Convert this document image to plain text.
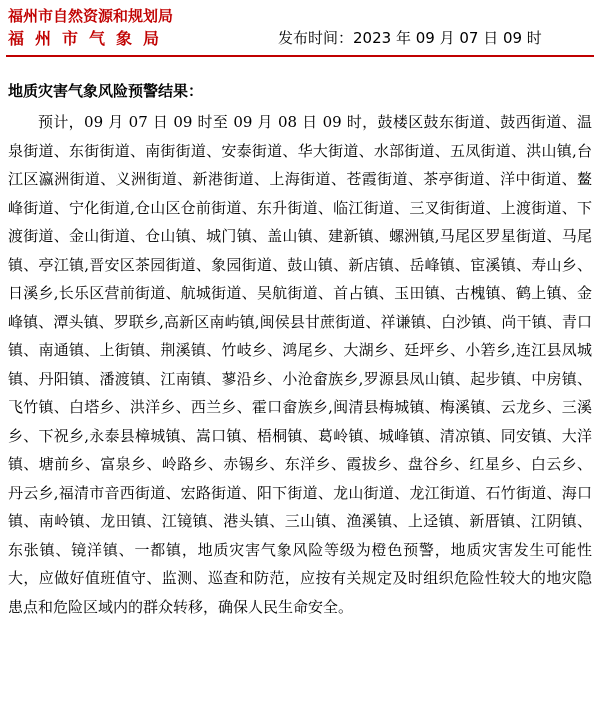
福州市自然资源和规划局
福州市气象局	发布时间：2023 年 09 月 07 日 09 时
地质灾害气象风险预警结果：

预计，09 月 07 日 09 时至 09 月 08 日 09 时，鼓楼区鼓东街道、鼓西街道、温泉街道、东街街道、南街街道、安泰街道、华大街道、水部街道、五凤街道、洪山镇,台江区瀛洲街道、义洲街道、新港街道、上海街道、苍霞街道、茶亭街道、洋中街道、鳌峰街道、宁化街道,仓山区仓前街道、东升街道、临江街道、三叉街街道、上渡街道、下渡街道、金山街道、仓山镇、城门镇、盖山镇、建新镇、螺洲镇,马尾区罗星街道、马尾镇、亭江镇,晋安区茶园街道、象园街道、鼓山镇、新店镇、岳峰镇、宦溪镇、寿山乡、日溪乡,长乐区营前街道、航城街道、吴航街道、首占镇、玉田镇、古槐镇、鹤上镇、金峰镇、潭头镇、罗联乡,高新区南屿镇,闽侯县甘蔗街道、祥谦镇、白沙镇、尚干镇、青口镇、南通镇、上街镇、荆溪镇、竹岐乡、鸿尾乡、大湖乡、廷坪乡、小箬乡,连江县凤城镇、丹阳镇、潘渡镇、江南镇、蓼沿乡、小沧畲族乡,罗源县凤山镇、起步镇、中房镇、飞竹镇、白塔乡、洪洋乡、西兰乡、霍口畲族乡,闽清县梅城镇、梅溪镇、云龙乡、三溪乡、下祝乡,永泰县樟城镇、嵩口镇、梧桐镇、葛岭镇、城峰镇、清凉镇、同安镇、大洋镇、塘前乡、富泉乡、岭路乡、赤锡乡、东洋乡、霞拔乡、盘谷乡、红星乡、白云乡、丹云乡,福清市音西街道、宏路街道、阳下街道、龙山街道、龙江街道、石竹街道、海口镇、南岭镇、龙田镇、江镜镇、港头镇、三山镇、渔溪镇、上迳镇、新厝镇、江阴镇、东张镇、镜洋镇、一都镇，地质灾害气象风险等级为橙色预警，地质灾害发生可能性大，应做好值班值守、监测、巡查和防范，应按有关规定及时组织危险性较大的地灾隐患点和危险区域内的群众转移，确保人民生命安全。
